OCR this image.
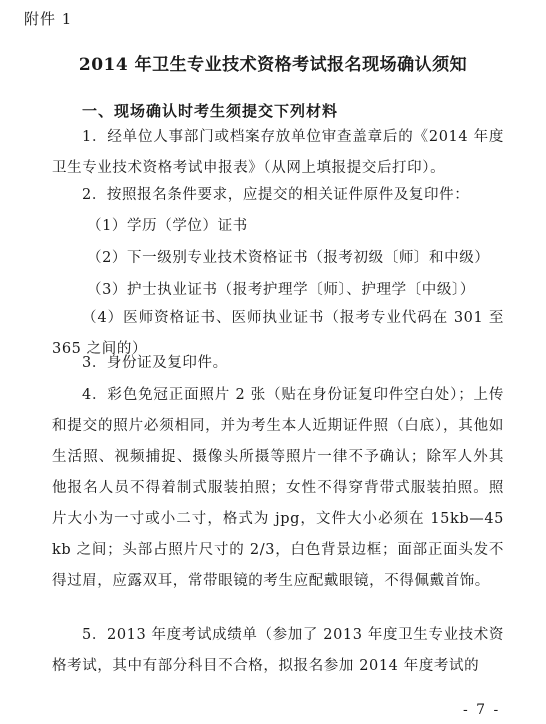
附件 1
2014 年卫生专业技术资格考试报名现场确认须知
一、现场确认时考生须提交下列材料
1．经单位人事部门或档案存放单位审查盖章后的《2014 年度卫生专业技术资格考试申报表》（从网上填报提交后打印）。
2．按照报名条件要求，应提交的相关证件原件及复印件：
（1）学历（学位）证书
（2）下一级别专业技术资格证书（报考初级〔师〕和中级）
（3）护士执业证书（报考护理学〔师〕、护理学〔中级〕）
（4）医师资格证书、医师执业证书（报考专业代码在 301 至 365 之间的）
3．身份证及复印件。
4．彩色免冠正面照片 2 张（贴在身份证复印件空白处）；上传和提交的照片必须相同，并为考生本人近期证件照（白底），其他如生活照、视频捕捉、摄像头所摄等照片一律不予确认；除军人外其他报名人员不得着制式服装拍照；女性不得穿背带式服装拍照。照片大小为一寸或小二寸，格式为 jpg，文件大小必须在 15kb—45 kb 之间；头部占照片尺寸的 2/3，白色背景边框；面部正面头发不得过眉，应露双耳，常带眼镜的考生应配戴眼镜，不得佩戴首饰。
5．2013 年度考试成绩单（参加了 2013 年度卫生专业技术资格考试，其中有部分科目不合格，拟报名参加 2014 年度考试的
- 7 -
